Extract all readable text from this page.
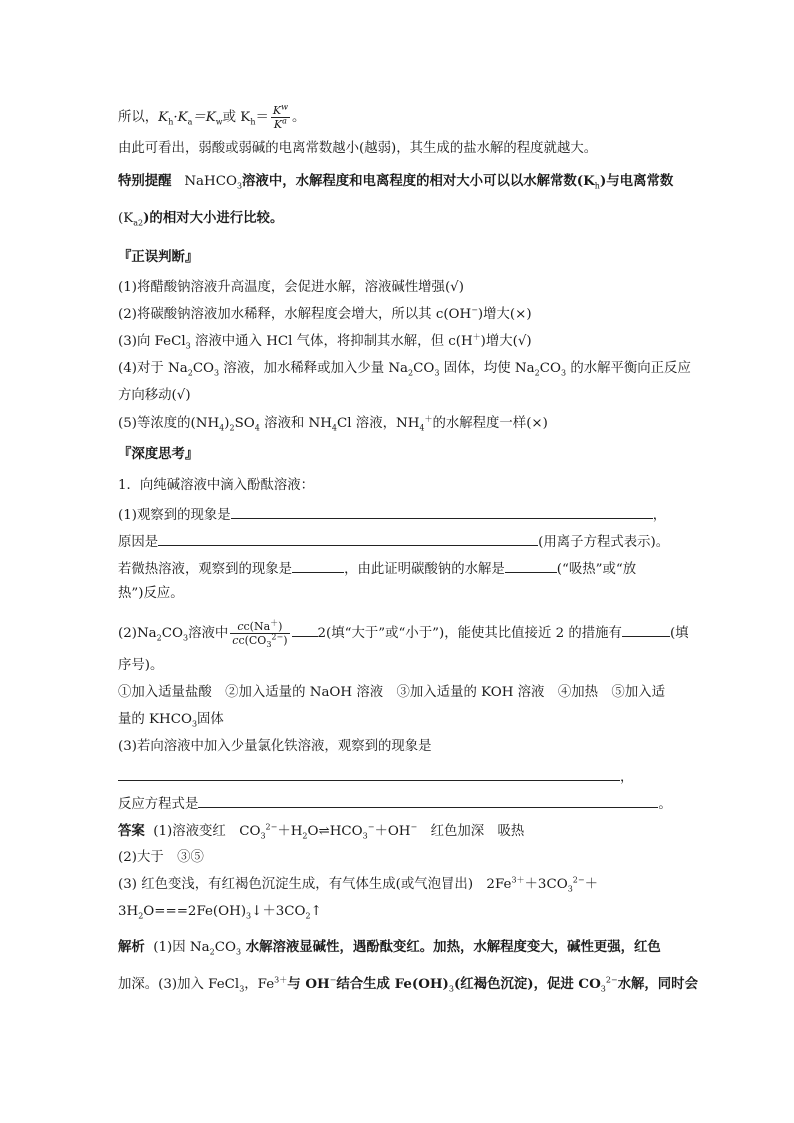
所以，$K_h\cdot K_a=K_w$或 $K_h= \frac{K^w}{K^a}$ 。
由此可看出，弱酸或弱碱的电离常数越小(越弱)，其生成的盐水解的程度就越大。
特别提醒 NaHCO$_3$溶液中，水解程度和电离程度的相对大小可以以水解常数$(K_h)$与电离常数
$(K_{a2})$的相对大小进行比较。
『正误判断』
(1)将醋酸钠溶液升高温度，会促进水解，溶液碱性增强(√)
(2)将碳酸钠溶液加水稀释，水解程度会增大，所以其 c(OH−)增大(×)
(3)向 FeCl$_3$ 溶液中通入 HCl 气体，将抑制其水解，但 c(H＋)增大(√)
(4)对于 $Na_2CO_3$ 溶液，加水稀释或加入少量 $Na_2CO_3$ 固体，均使 $Na_2CO_3$ 的水解平衡向正反应
方向移动(√)
(5)等浓度的$(NH_4)_2SO_4$ 溶液和 $NH_4Cl$ 溶液，$NH_4^+$的水解程度一样(×)
『深度思考』
1．向纯碱溶液中滴入酚酞溶液：
(1)观察到的现象是	，
原因是	(用离子方程式表示)。
若微热溶液，观察到的现象是	，由此证明碳酸钠的水解是	(“吸热”或“放
热”)反应。
$(2)Na_2CO_3$溶液中 $\frac{cc(Na^+)}{cc(CO_3^{2-})} 2$(填“大于”或“小于”)，能使其比值接近 2 的措施有	(填
序号)。
①加入适量盐酸　②加入适量的 NaOH 溶液　③加入适量的 KOH 溶液　④加热　⑤加入适
量的 $KHCO_3$固体
(3)若向溶液中加入少量氯化铁溶液，观察到的现象是
，
反应方程式是	。
答案 (1)溶液变红　$CO_3^{2-}+H_2O\rightleftharpoons HCO_3^-+OH^-$　红色加深　吸热
(2)大于　③⑤
(3) 红色变浅，有红褐色沉淀生成，有气体生成(或气泡冒出)　$2Fe^{3+}+3CO_3^{2-}+$
$3H_2O===2Fe(OH)_3↓+3CO_2↑$
解析 (1)因 $Na_2CO_3$ 水解溶液显碱性，遇酚酞变红。加热，水解程度变大，碱性更强，红色
加深。(3)加入 FeCl$_3$，$Fe^{3+}$与 OH−结合生成 $Fe(OH)_3$(红褐色沉淀)，促进 $CO_3^{2-}$水解，同时会
